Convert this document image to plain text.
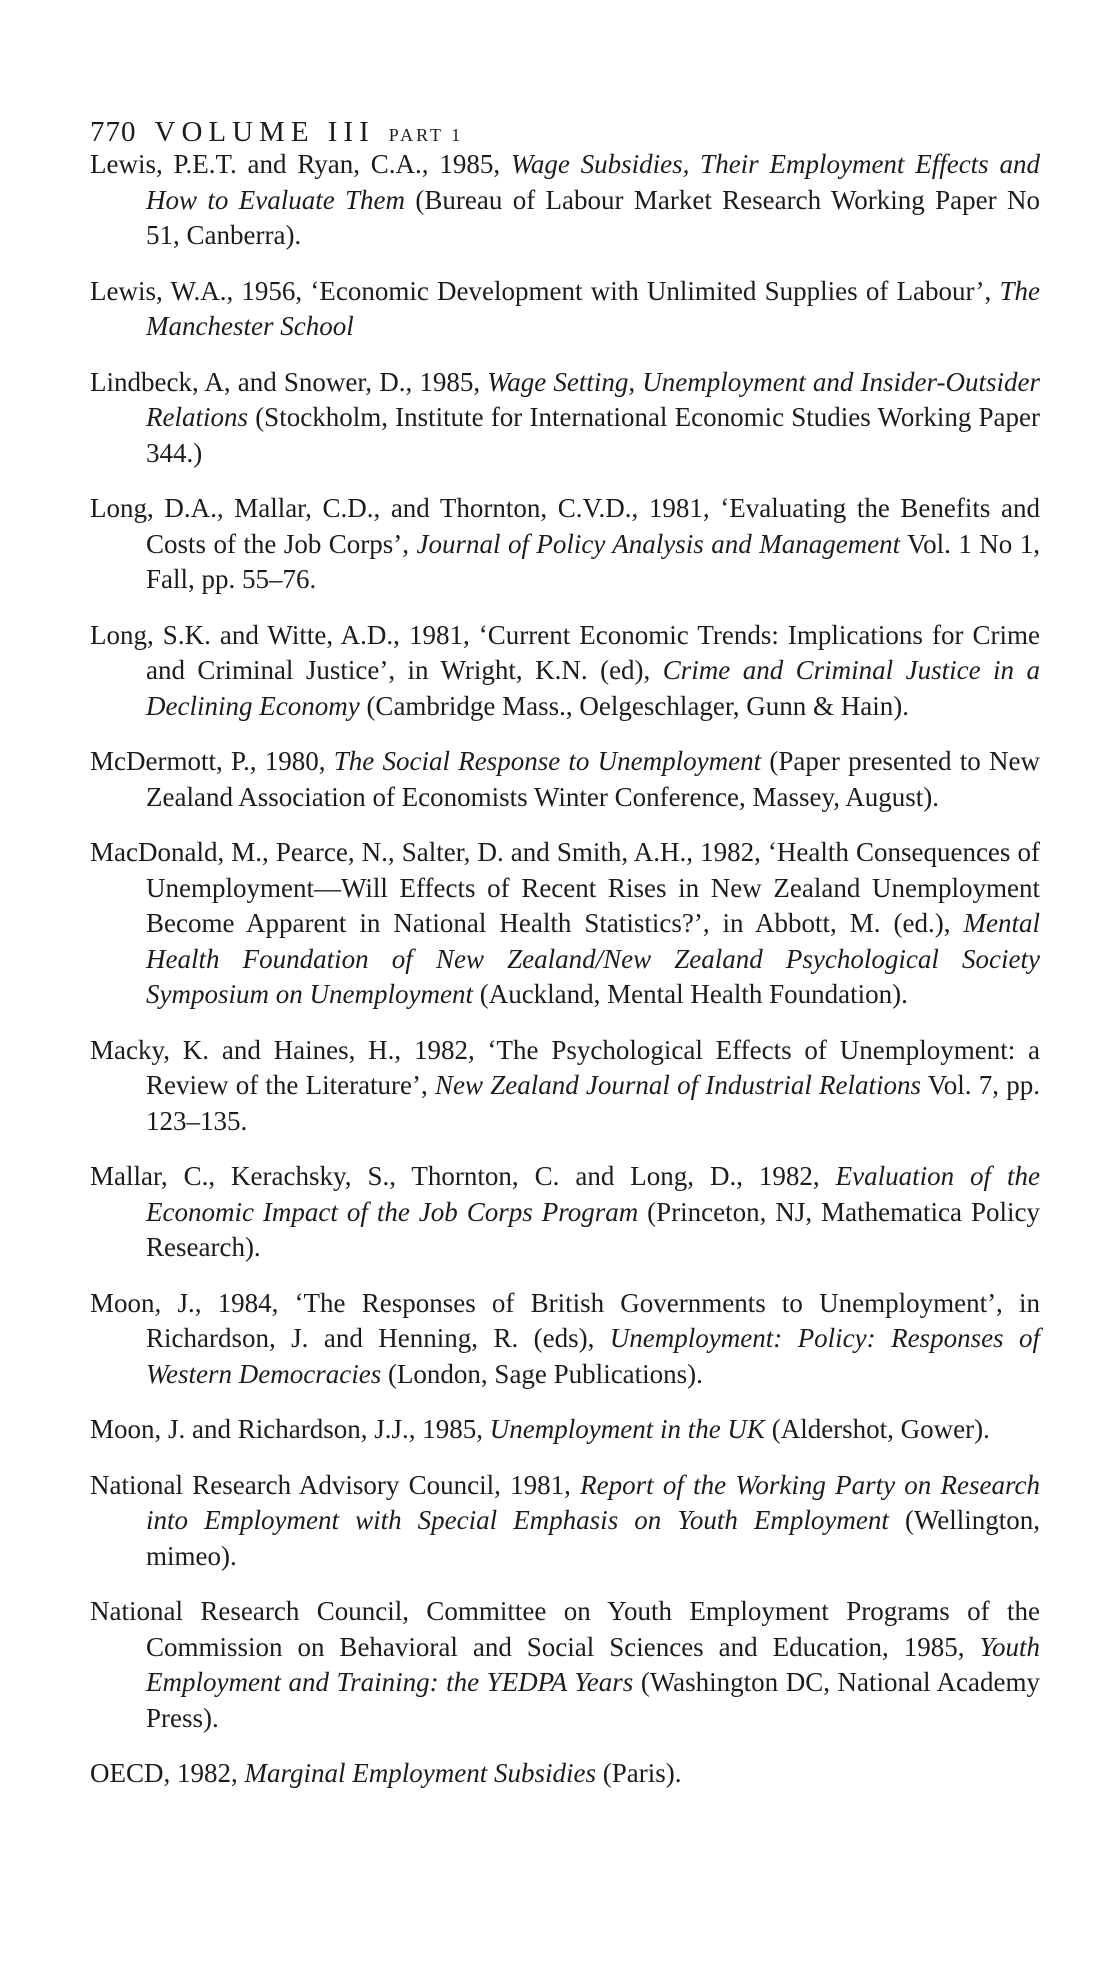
770 VOLUME III PART 1

Lewis, P.E.T. and Ryan, C.A., 1985, Wage Subsidies, Their Employment Effects and How to Evaluate Them (Bureau of Labour Market Research Working Paper No 51, Canberra).

Lewis, W.A., 1956, ‘Economic Development with Unlimited Supplies of Labour’, The Manchester School

Lindbeck, A, and Snower, D., 1985, Wage Setting, Unemployment and Insider-Outsider Relations (Stockholm, Institute for International Economic Studies Working Paper 344.)

Long, D.A., Mallar, C.D., and Thornton, C.V.D., 1981, ‘Evaluating the Benefits and Costs of the Job Corps’, Journal of Policy Analysis and Management Vol. 1 No 1, Fall, pp. 55–76.

Long, S.K. and Witte, A.D., 1981, ‘Current Economic Trends: Implications for Crime and Criminal Justice’, in Wright, K.N. (ed), Crime and Criminal Justice in a Declining Economy (Cambridge Mass., Oelgeschlager, Gunn & Hain).

McDermott, P., 1980, The Social Response to Unemployment (Paper presented to New Zealand Association of Economists Winter Conference, Massey, August).

MacDonald, M., Pearce, N., Salter, D. and Smith, A.H., 1982, ‘Health Consequences of Unemployment—Will Effects of Recent Rises in New Zealand Unemployment Become Apparent in National Health Statistics?’, in Abbott, M. (ed.), Mental Health Foundation of New Zealand/New Zealand Psychological Society Symposium on Unemployment (Auckland, Mental Health Foundation).

Macky, K. and Haines, H., 1982, ‘The Psychological Effects of Unemployment: a Review of the Literature’, New Zealand Journal of Industrial Relations Vol. 7, pp. 123–135.

Mallar, C., Kerachsky, S., Thornton, C. and Long, D., 1982, Evaluation of the Economic Impact of the Job Corps Program (Princeton, NJ, Mathematica Policy Research).

Moon, J., 1984, ‘The Responses of British Governments to Unemployment’, in Richardson, J. and Henning, R. (eds), Unemployment: Policy: Responses of Western Democracies (London, Sage Publications).

Moon, J. and Richardson, J.J., 1985, Unemployment in the UK (Aldershot, Gower).

National Research Advisory Council, 1981, Report of the Working Party on Research into Employment with Special Emphasis on Youth Employment (Wellington, mimeo).

National Research Council, Committee on Youth Employment Programs of the Commission on Behavioral and Social Sciences and Education, 1985, Youth Employment and Training: the YEDPA Years (Washington DC, National Academy Press).

OECD, 1982, Marginal Employment Subsidies (Paris).
